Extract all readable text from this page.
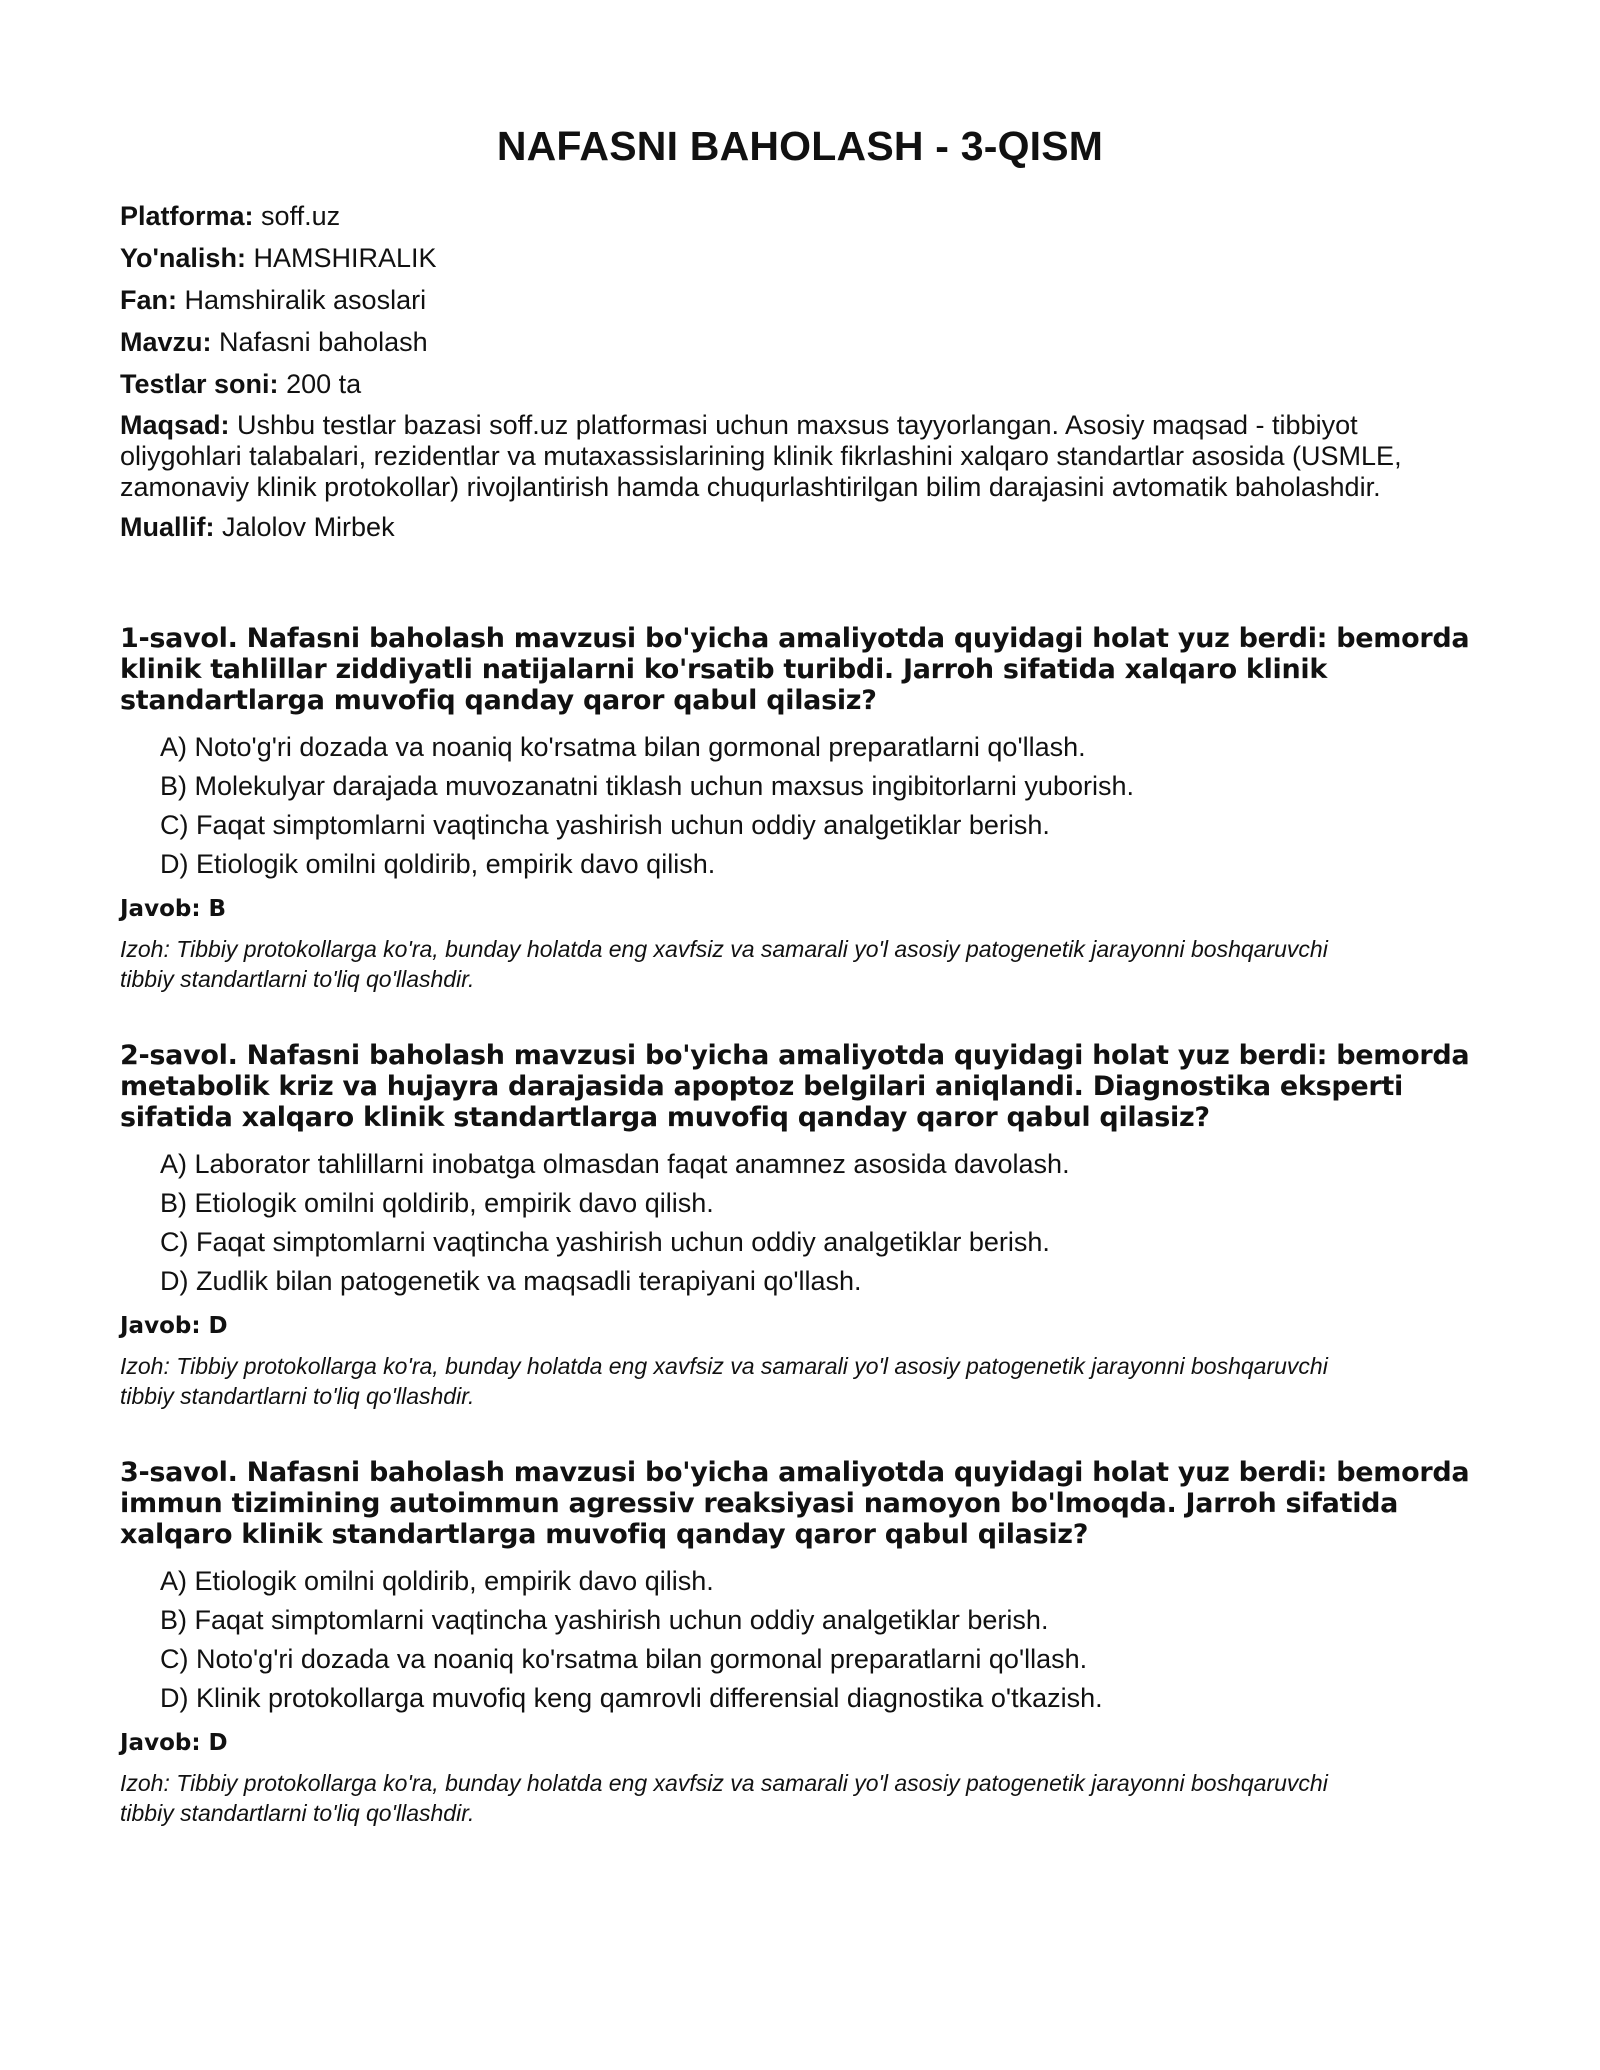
NAFASNI BAHOLASH - 3-QISM

Platforma: soff.uz

Yo'nalish: HAMSHIRALIK

Fan: Hamshiralik asoslari

Mavzu: Nafasni baholash

Testlar soni: 200 ta

Maqsad: Ushbu testlar bazasi soff.uz platformasi uchun maxsus tayyorlangan. Asosiy maqsad - tibbiyot oliygohlari talabalari, rezidentlar va mutaxassislarining klinik fikrlashini xalqaro standartlar asosida (USMLE, zamonaviy klinik protokollar) rivojlantirish hamda chuqurlashtirilgan bilim darajasini avtomatik baholashdir.

Muallif: Jalolov Mirbek

1-savol. Nafasni baholash mavzusi bo'yicha amaliyotda quyidagi holat yuz berdi: bemorda klinik tahlillar ziddiyatli natijalarni ko'rsatib turibdi. Jarroh sifatida xalqaro klinik standartlarga muvofiq qanday qaror qabul qilasiz?

A) Noto'g'ri dozada va noaniq ko'rsatma bilan gormonal preparatlarni qo'llash.
B) Molekulyar darajada muvozanatni tiklash uchun maxsus ingibitorlarni yuborish.
C) Faqat simptomlarni vaqtincha yashirish uchun oddiy analgetiklar berish.
D) Etiologik omilni qoldirib, empirik davo qilish.
Javob: B
Izoh: Tibbiy protokollarga ko'ra, bunday holatda eng xavfsiz va samarali yo'l asosiy patogenetik jarayonni boshqaruvchi tibbiy standartlarni to'liq qo'llashdir.

2-savol. Nafasni baholash mavzusi bo'yicha amaliyotda quyidagi holat yuz berdi: bemorda metabolik kriz va hujayra darajasida apoptoz belgilari aniqlandi. Diagnostika eksperti sifatida xalqaro klinik standartlarga muvofiq qanday qaror qabul qilasiz?

A) Laborator tahlillarni inobatga olmasdan faqat anamnez asosida davolash.
B) Etiologik omilni qoldirib, empirik davo qilish.
C) Faqat simptomlarni vaqtincha yashirish uchun oddiy analgetiklar berish.
D) Zudlik bilan patogenetik va maqsadli terapiyani qo'llash.
Javob: D
Izoh: Tibbiy protokollarga ko'ra, bunday holatda eng xavfsiz va samarali yo'l asosiy patogenetik jarayonni boshqaruvchi tibbiy standartlarni to'liq qo'llashdir.

3-savol. Nafasni baholash mavzusi bo'yicha amaliyotda quyidagi holat yuz berdi: bemorda immun tizimining autoimmun agressiv reaksiyasi namoyon bo'lmoqda. Jarroh sifatida xalqaro klinik standartlarga muvofiq qanday qaror qabul qilasiz?

A) Etiologik omilni qoldirib, empirik davo qilish.
B) Faqat simptomlarni vaqtincha yashirish uchun oddiy analgetiklar berish.
C) Noto'g'ri dozada va noaniq ko'rsatma bilan gormonal preparatlarni qo'llash.
D) Klinik protokollarga muvofiq keng qamrovli differensial diagnostika o'tkazish.
Javob: D
Izoh: Tibbiy protokollarga ko'ra, bunday holatda eng xavfsiz va samarali yo'l asosiy patogenetik jarayonni boshqaruvchi tibbiy standartlarni to'liq qo'llashdir.
